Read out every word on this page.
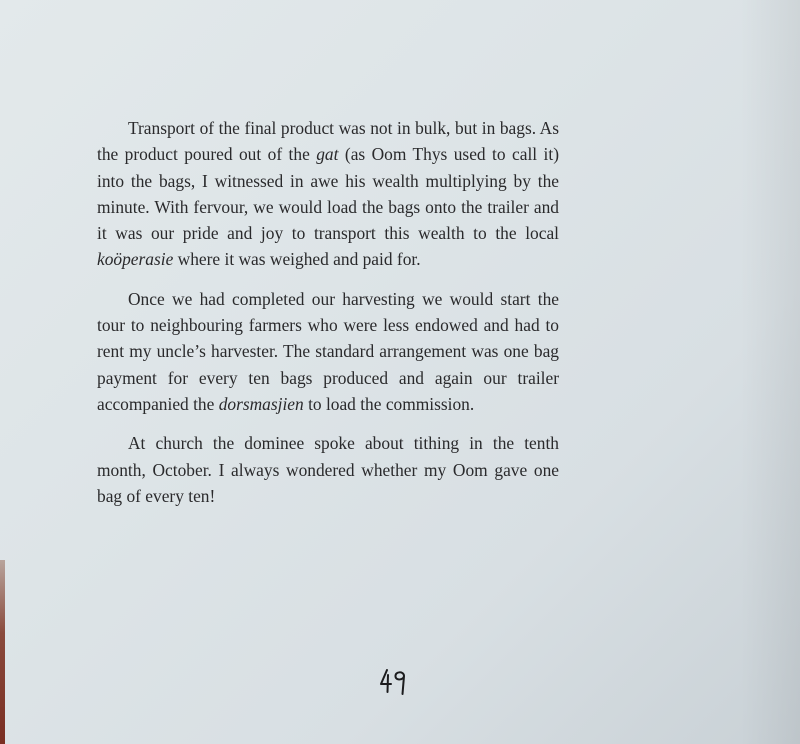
Transport of the final product was not in bulk, but in bags. As the product poured out of the gat (as Oom Thys used to call it) into the bags, I witnessed in awe his wealth multiplying by the minute. With fervour, we would load the bags onto the trailer and it was our pride and joy to transport this wealth to the local koöperasie where it was weighed and paid for.

Once we had completed our harvesting we would start the tour to neighbouring farmers who were less endowed and had to rent my uncle’s harvester. The standard arrangement was one bag payment for every ten bags produced and again our trailer accompanied the dorsmasjien to load the commission.

At church the dominee spoke about tithing in the tenth month, October. I always wondered whether my Oom gave one bag of every ten!
